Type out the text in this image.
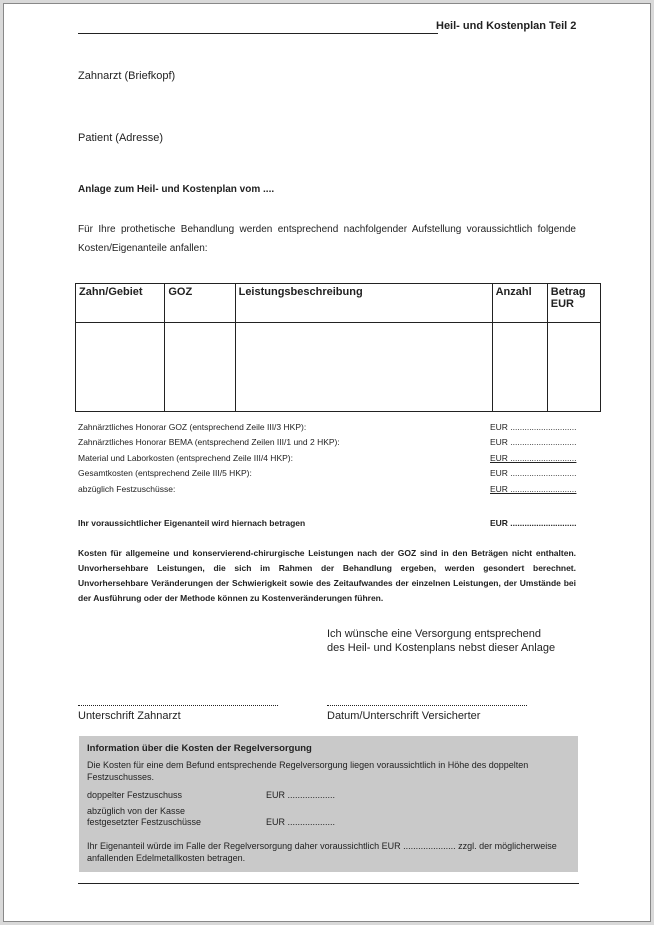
Heil- und Kostenplan Teil 2
Zahnarzt (Briefkopf)
Patient (Adresse)
Anlage zum Heil- und Kostenplan vom ....
Für Ihre prothetische Behandlung werden entsprechend nachfolgender Aufstellung voraussichtlich folgende Kosten/Eigenanteile anfallen:
Zahn/Gebiet	GOZ	Leistungsbeschreibung	Anzahl	Betrag EUR

Zahnärztliches Honorar GOZ (entsprechend Zeile III/3 HKP):	EUR ............................
Zahnärztliches Honorar BEMA (entsprechend Zeilen III/1 und 2 HKP):	EUR ............................
Material und Laborkosten (entsprechend Zeile III/4 HKP):	EUR ............................
Gesamtkosten (entsprechend Zeile III/5 HKP):	EUR ............................
abzüglich Festzuschüsse:	EUR ............................
Ihr voraussichtlicher Eigenanteil wird hiernach betragen	EUR ............................
Kosten für allgemeine und konservierend-chirurgische Leistungen nach der GOZ sind in den Beträgen nicht enthalten. Unvorhersehbare Leistungen, die sich im Rahmen der Behandlung ergeben, werden gesondert berechnet. Unvorhersehbare Veränderungen der Schwierigkeit sowie des Zeitaufwandes der einzelnen Leistungen, der Umstände bei der Ausführung oder der Methode können zu Kostenveränderungen führen.
Ich wünsche eine Versorgung entsprechend
des Heil- und Kostenplans nebst dieser Anlage
Unterschrift Zahnarzt	Datum/Unterschrift Versicherter
Information über die Kosten der Regelversorgung
Die Kosten für eine dem Befund entsprechende Regelversorgung liegen voraussichtlich in Höhe des doppelten Festzuschusses.
doppelter Festzuschuss	EUR ...................
abzüglich von der Kasse
festgesetzter Festzuschüsse	EUR ...................
Ihr Eigenanteil würde im Falle der Regelversorgung daher voraussichtlich EUR ..................... zzgl. der möglicherweise anfallenden Edelmetallkosten betragen.
